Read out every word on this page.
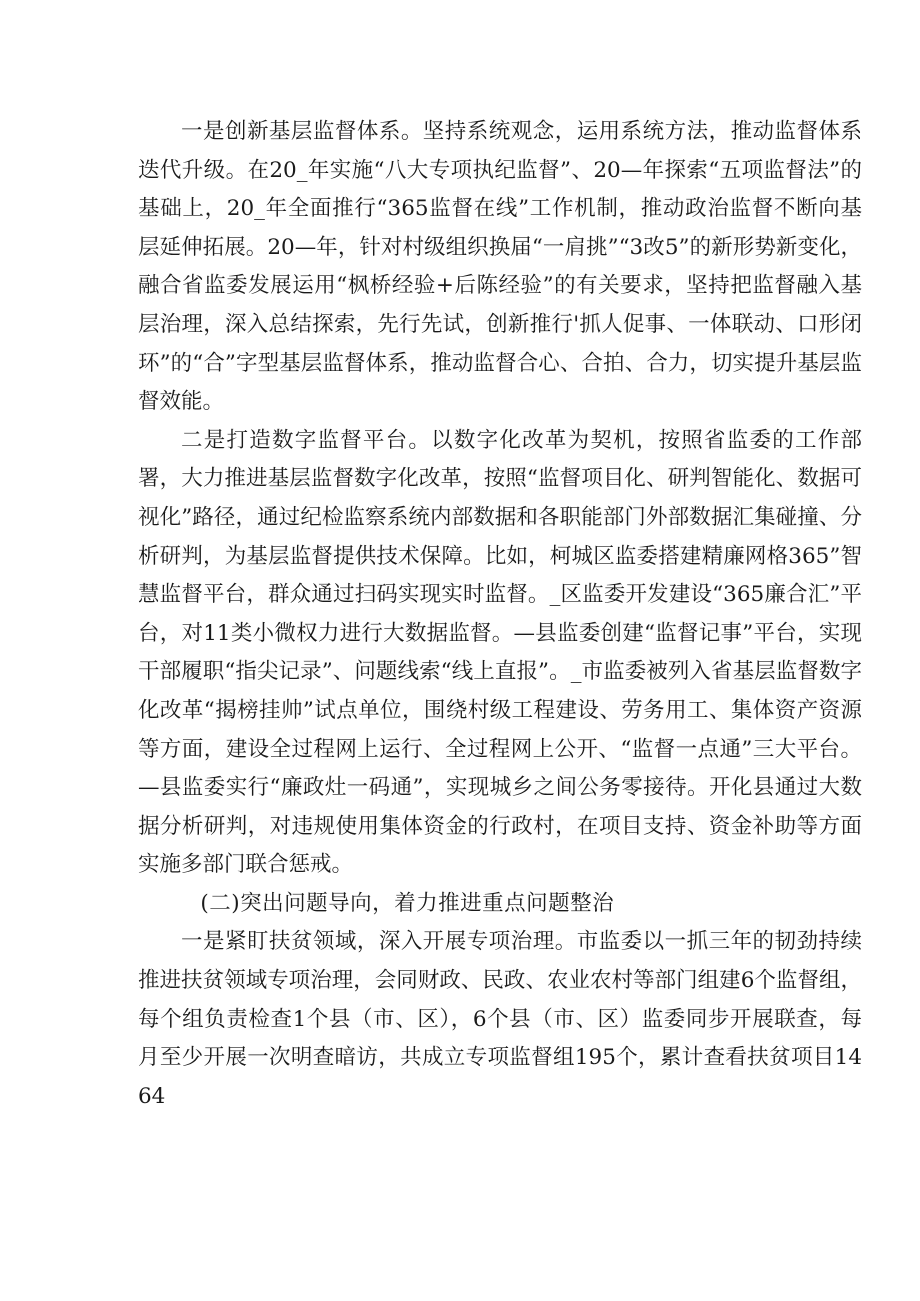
一是创新基层监督体系。坚持系统观念，运用系统方法，推动监督体系迭代升级。在20_年实施“八大专项执纪监督”、20—年探索“五项监督法”的基础上，20_年全面推行“365监督在线”工作机制，推动政治监督不断向基层延伸拓展。20—年，针对村级组织换届“一肩挑”“3改5”的新形势新变化，融合省监委发展运用“枫桥经验+后陈经验”的有关要求，坚持把监督融入基层治理，深入总结探索，先行先试，创新推行'抓人促事、一体联动、口形闭环”的“合”字型基层监督体系，推动监督合心、合拍、合力，切实提升基层监督效能。

二是打造数字监督平台。以数字化改革为契机，按照省监委的工作部署，大力推进基层监督数字化改革，按照“监督项目化、研判智能化、数据可视化”路径，通过纪检监察系统内部数据和各职能部门外部数据汇集碰撞、分析研判，为基层监督提供技术保障。比如，柯城区监委搭建精廉网格365”智慧监督平台，群众通过扫码实现实时监督。_区监委开发建设“365廉合汇”平台，对11类小微权力进行大数据监督。—县监委创建“监督记事”平台，实现干部履职“指尖记录”、问题线索“线上直报”。_市监委被列入省基层监督数字化改革“揭榜挂帅”试点单位，围绕村级工程建设、劳务用工、集体资产资源等方面，建设全过程网上运行、全过程网上公开、“监督一点通”三大平台。—县监委实行“廉政灶一码通”，实现城乡之间公务零接待。开化县通过大数据分析研判，对违规使用集体资金的行政村，在项目支持、资金补助等方面实施多部门联合惩戒。

(二)突出问题导向，着力推进重点问题整治

一是紧盯扶贫领域，深入开展专项治理。市监委以一抓三年的韧劲持续推进扶贫领域专项治理，会同财政、民政、农业农村等部门组建6个监督组，每个组负责检查1个县（市、区），6个县（市、区）监委同步开展联查，每月至少开展一次明查暗访，共成立专项监督组195个，累计查看扶贫项目1464
